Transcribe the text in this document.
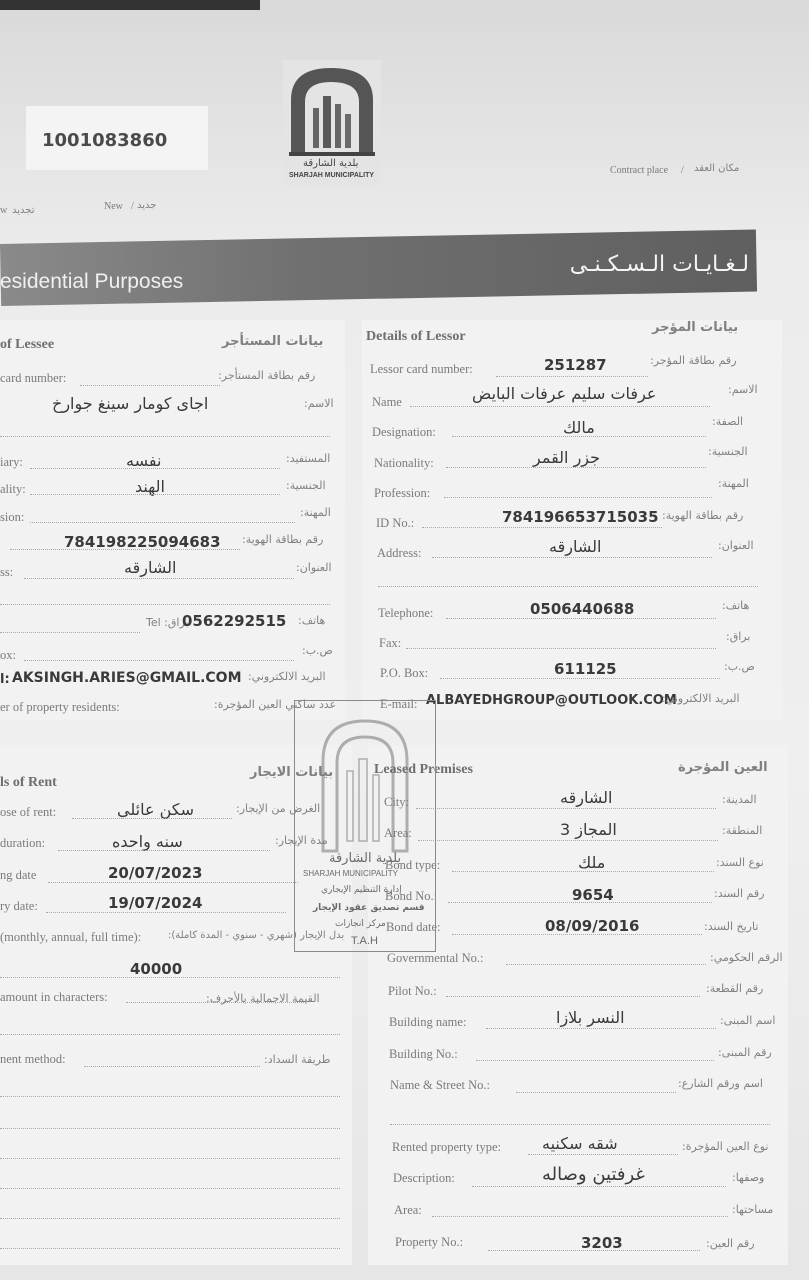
1001083860
بلدية الشارقة
SHARJAH MUNICIPALITY	Contract place / مكان العقد
New / جديد
تجديد
w
esidential Purposes
لـغـايـات الـسـكـنـى
of Lessee	بيانات المستأجر
card number:	رقم بطاقة المستأجر:
اجاى كومار سينغ جوارخ	الاسم:
iary:	نفسه	المستفيد:
ality:	الهند	الجنسية:
sion:	المهنة:
784198225094683 رقم بطاقة الهوية:
ss:	الشارقه	العنوان:
براق: Tel
0562292515 هاتف:
ox:	ص.ب:
l: AKSINGH.ARIES@GMAIL.COM البريد الالكتروني:
er of property residents:	عدد ساكني العين المؤجرة:
Details of Lessor
بيانات المؤجر
Lessor card number:	251287	رقم بطاقة المؤجر:
Name	عرفات سليم عرفات البايض	الاسم:
Designation:	مالك	الصفة:
Nationality:	جزر القمر	الجنسية:
Profession:
المهنة:
ID No.:	784196653715035 رقم بطاقة الهوية:
Address:	الشارقه	العنوان:
Telephone:	0506440688	هاتف:
Fax:	براق:
P.O. Box:	611125	ص.ب:
E-mail: ALBAYEDHGROUP@OUTLOOK.COM
البريد الالكتروني:
ls of Rent
بيانات الايجار
ose of rent:	سكن عائلي	الغرض من الإيجار:
duration:	سنه واحده	مدة الإيجار:
ng date	20/07/2023
ry date:	19/07/2024
(monthly, annual, full time):	بدل الإيجار (شهري - سنوي - المدة كاملة):
40000
amount in characters:	القيمة الاجمالية بالأحرف:
nent method:	طريقة السداد:
Leased Premises	العين المؤجرة
City:	الشارقه	المدينة:
Area:	المجاز 3	المنطقة:
Bond type:	ملك	نوع السند:
Bond No.:	9654	رقم السند:
Bond date:	08/09/2016	تاريخ السند:
Governmental No.:	الرقم الحكومي:
Pilot No.:	رقم القطعة:
Building name:	النسر بلازا	اسم المبنى:
Building No.:	رقم المبنى:
Name & Street No.:	اسم ورقم الشارع:
Rented property type:	شقه سكنيه	نوع العين المؤجرة:
Description:	غرفتين وصاله	وصفها:
Area:	مساحتها:
Property No.:	3203	رقم العين:
بلدية الشارقة
SHARJAH MUNICIPALITY
إدارة التنظيم الإيجاري
قسم تصديق عقود الإيجار
مركز انجازات
T.A.H
